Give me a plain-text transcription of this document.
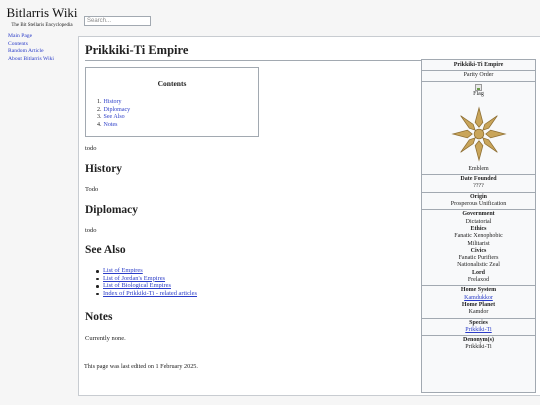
Bitlarris Wiki
The Bit Stellaris Encyclopedia
Search...
Main Page
Contents
Random Article
About Bitlarris Wiki
Prikkiki-Ti Empire
Contents
1. History
2. Diplomacy
3. See Also
4. Notes
todo
History
Todo
Diplomacy
todo
See Also
List of Empires
List of Jordan's Empires
List of Biological Empires
Index of Prikkiki-Ti - related articles
Notes
Currently none.
This page was last edited on 1 February 2025.
Prikkiki-Ti Empire
Parity Order
Flag
Emblem
Date Founded
????
Origin
Prosperous Unification
Government
Dictatorial
Ethics
Fanatic Xenophobic
Militarist
Civics
Fanatic Purifiers
Nationalistic Zeal
Lord
Frelaxod
Home System
Kamdukkor
Home Planet
Kamdor
Species
Prikkiki-Ti
Denonym(s)
Prikkiki-Ti
